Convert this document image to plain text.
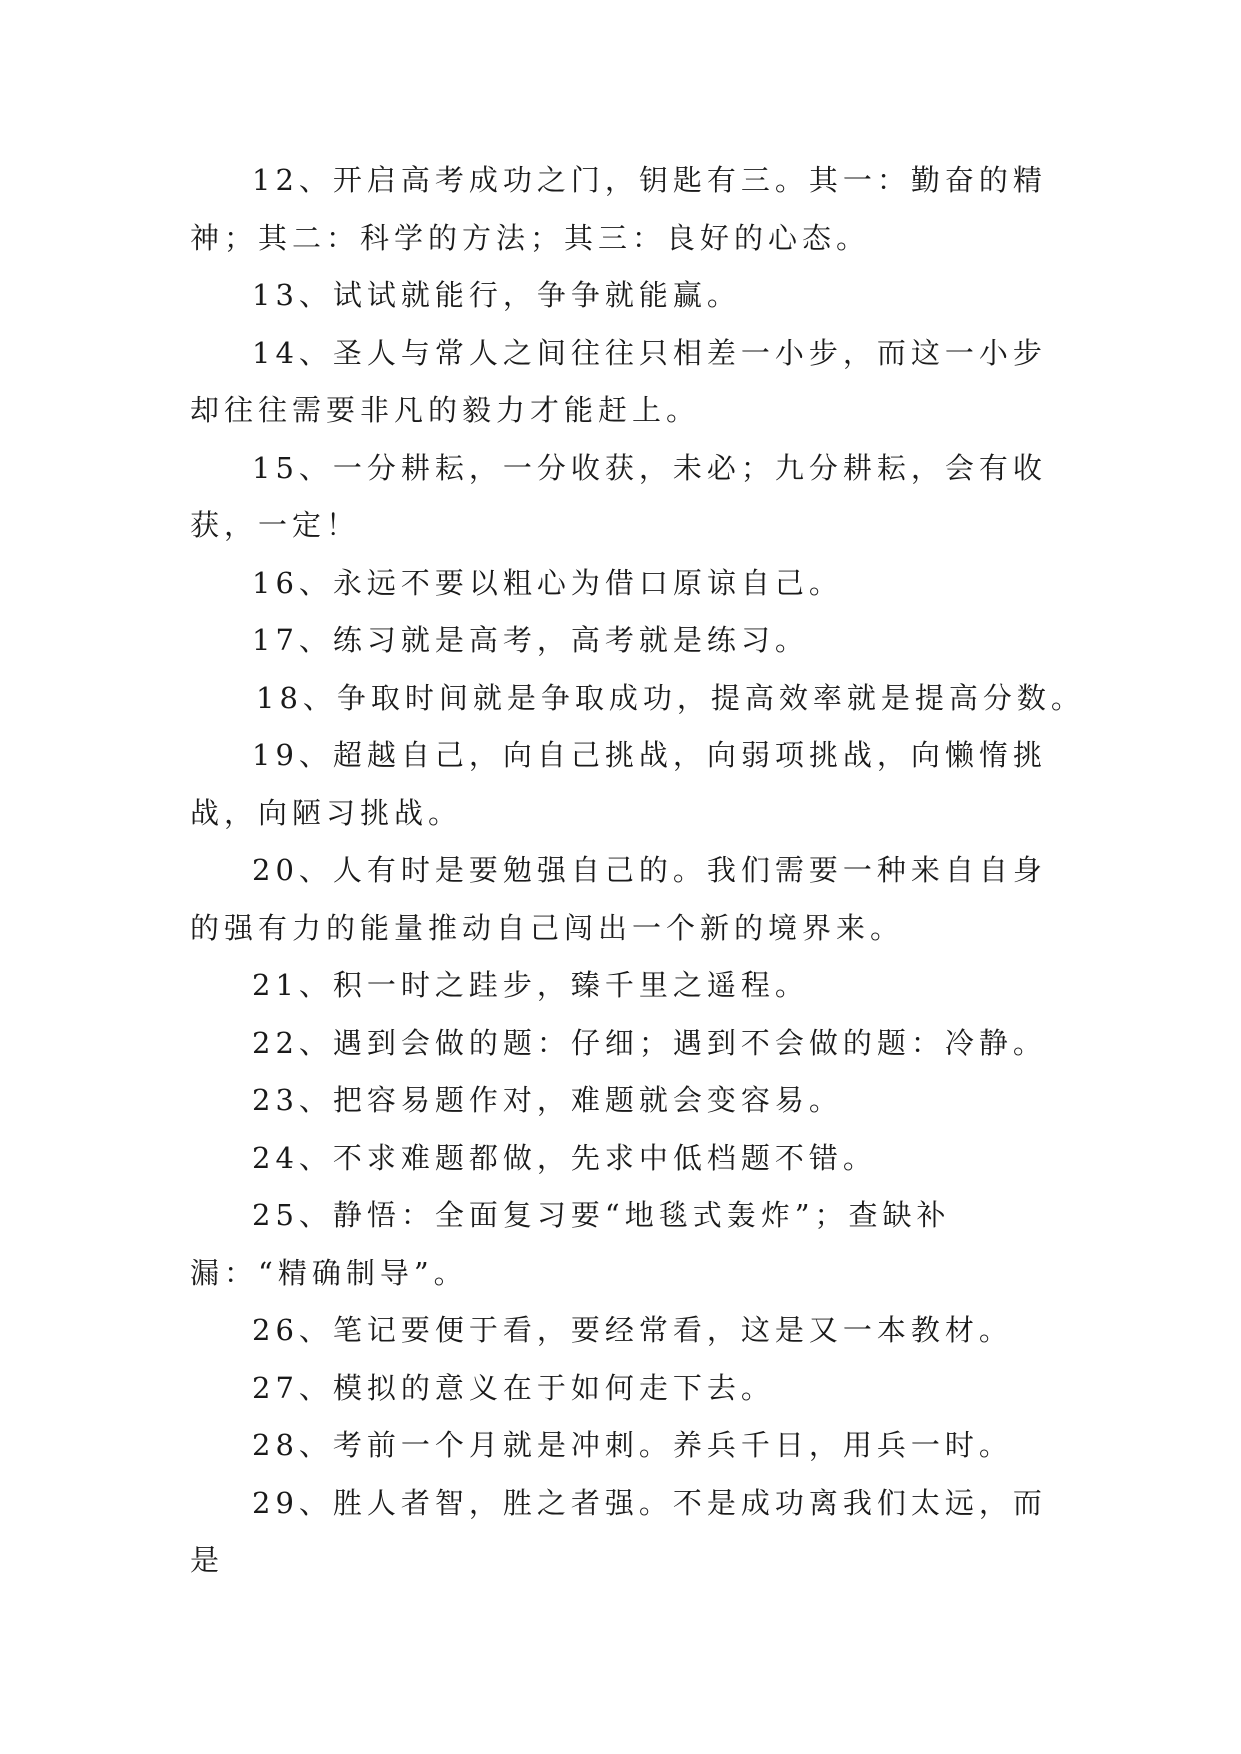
12、开启高考成功之门，钥匙有三。其一：勤奋的精神；其二：科学的方法；其三：良好的心态。

13、试试就能行，争争就能赢。

14、圣人与常人之间往往只相差一小步，而这一小步却往往需要非凡的毅力才能赶上。

15、一分耕耘，一分收获，未必；九分耕耘，会有收获，一定！

16、永远不要以粗心为借口原谅自己。

17、练习就是高考，高考就是练习。

18、争取时间就是争取成功，提高效率就是提高分数。

19、超越自己，向自己挑战，向弱项挑战，向懒惰挑战，向陋习挑战。

20、人有时是要勉强自己的。我们需要一种来自自身的强有力的能量推动自己闯出一个新的境界来。

21、积一时之跬步，臻千里之遥程。

22、遇到会做的题：仔细；遇到不会做的题：冷静。

23、把容易题作对，难题就会变容易。

24、不求难题都做，先求中低档题不错。

25、静悟：全面复习要“地毯式轰炸”；查缺补漏：“精确制导”。

26、笔记要便于看，要经常看，这是又一本教材。

27、模拟的意义在于如何走下去。

28、考前一个月就是冲刺。养兵千日，用兵一时。

29、胜人者智，胜之者强。不是成功离我们太远，而是
